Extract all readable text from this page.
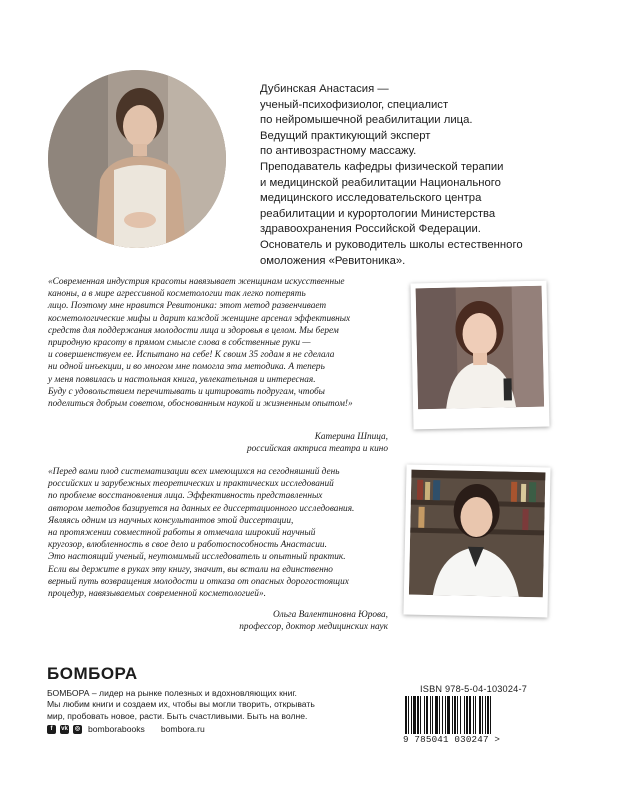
Дубинская Анастасия —
ученый-психофизиолог, специалист
по нейромышечной реабилитации лица.
Ведущий практикующий эксперт
по антивозрастному массажу.
Преподаватель кафедры физической терапии
и медицинской реабилитации Национального
медицинского исследовательского центра
реабилитации и курортологии Министерства
здравоохранения Российской Федерации.
Основатель и руководитель школы естественного
омоложения «Ревитоника».
«Современная индустрия красоты навязывает женщинам искусственные
каноны, а в мире агрессивной косметологии так легко потерять
лицо. Поэтому мне нравится Ревитоника: этот метод развенчивает
косметологические мифы и дарит каждой женщине арсенал эффективных
средств для поддержания молодости лица и здоровья в целом. Мы берем
природную красоту в прямом смысле слова в собственные руки —
и совершенствуем ее. Испытано на себе! К своим 35 годам я не сделала
ни одной инъекции, и во многом мне помогла эта методика. А теперь
у меня появилась и настольная книга, увлекательная и интересная.
Буду с удовольствием перечитывать и цитировать подругам, чтобы
поделиться добрым советом, обоснованным наукой и жизненным опытом!»
Катерина Шпица,
российская актриса театра и кино
«Перед вами плод систематизации всех имеющихся на сегодняшний день
российских и зарубежных теоретических и практических исследований
по проблеме восстановления лица. Эффективность представленных
автором методов базируется на данных ее диссертационного исследования.
Являясь одним из научных консультантов этой диссертации,
на протяжении совместной работы я отмечала широкий научный
кругозор, влюбленность в свое дело и работоспособность Анастасии.
Это настоящий ученый, неутомимый исследователь и опытный практик.
Если вы держите в руках эту книгу, значит, вы встали на единственно
верный путь возвращения молодости и отказа от опасных дорогостоящих
процедур, навязываемых современной косметологией».
Ольга Валентиновна Юрова,
профессор, доктор медицинских наук
БОМБОРА
БОМБОРА – лидер на рынке полезных и вдохновляющих книг.
Мы любим книги и создаем их, чтобы вы могли творить, открывать
мир, пробовать новое, расти. Быть счастливыми. Быть на волне.
f	vk	◎ bomborabooks bombora.ru
ISBN 978-5-04-103024-7
9 785041 030247 >
